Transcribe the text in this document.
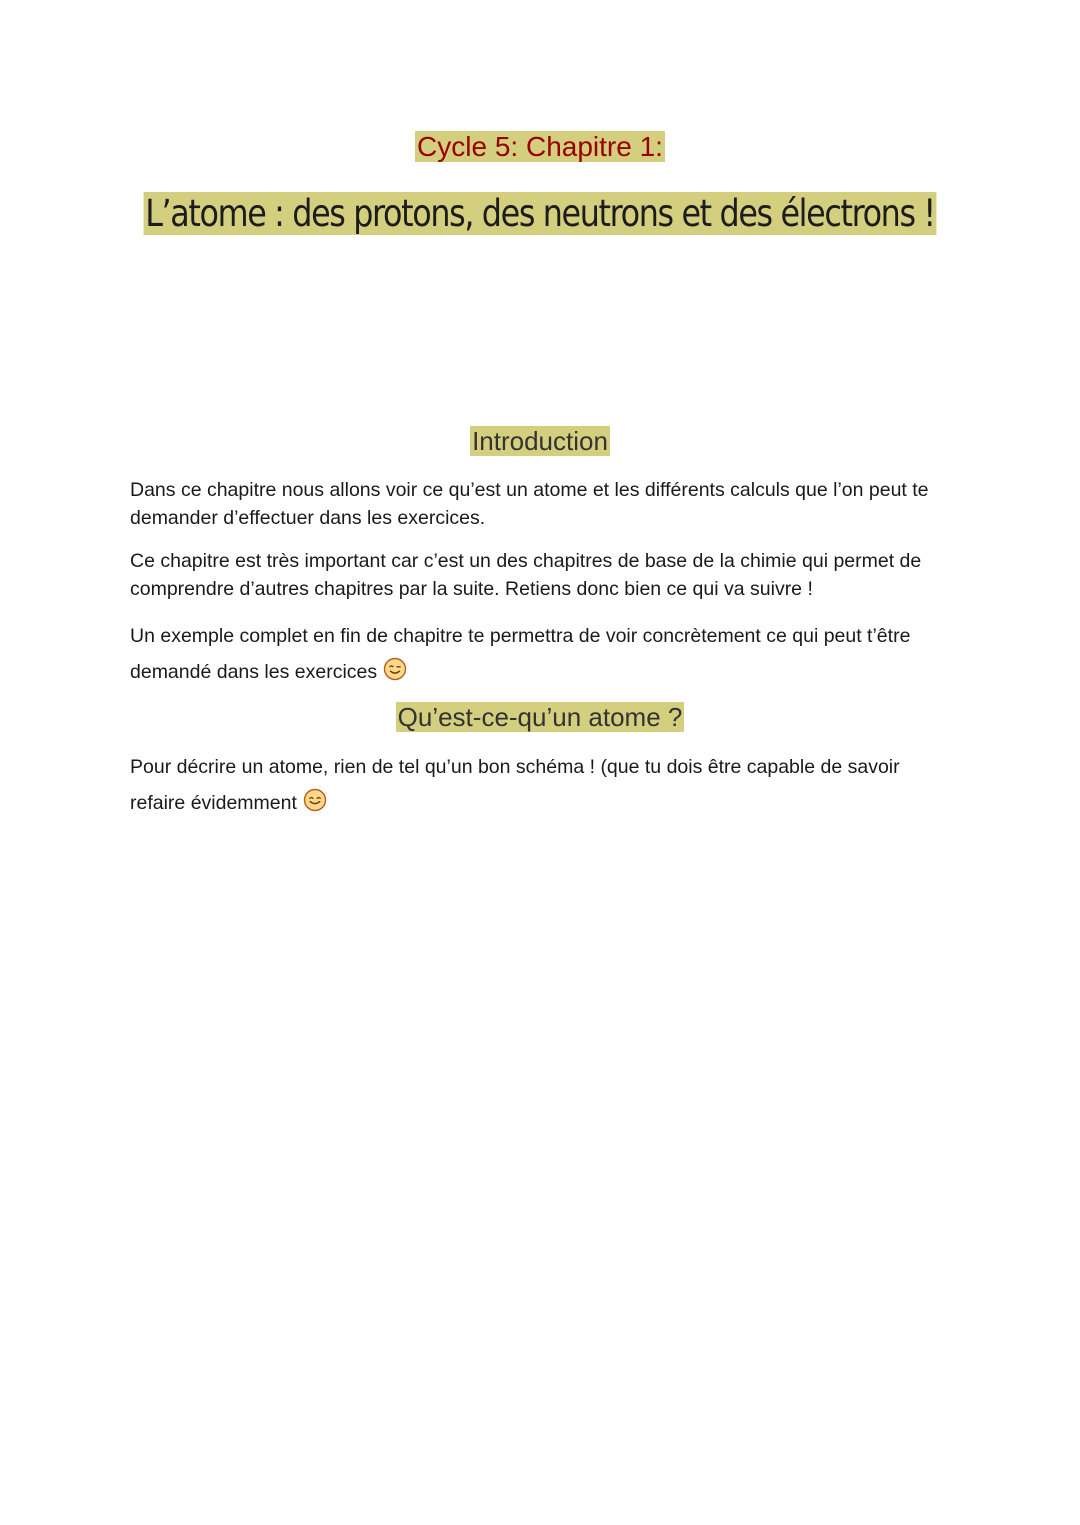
Cycle 5: Chapitre 1:
L’atome : des protons, des neutrons et des électrons !
Introduction

Dans ce chapitre nous allons voir ce qu’est un atome et les différents calculs que l’on peut te demander d’effectuer dans les exercices.

Ce chapitre est très important car c’est un des chapitres de base de la chimie qui permet de comprendre d’autres chapitres par la suite. Retiens donc bien ce qui va suivre !

Un exemple complet en fin de chapitre te permettra de voir concrètement ce qui peut t’être demandé dans les exercices

Qu’est-ce-qu’un atome ?

Pour décrire un atome, rien de tel qu’un bon schéma ! (que tu dois être capable de savoir refaire évidemment
